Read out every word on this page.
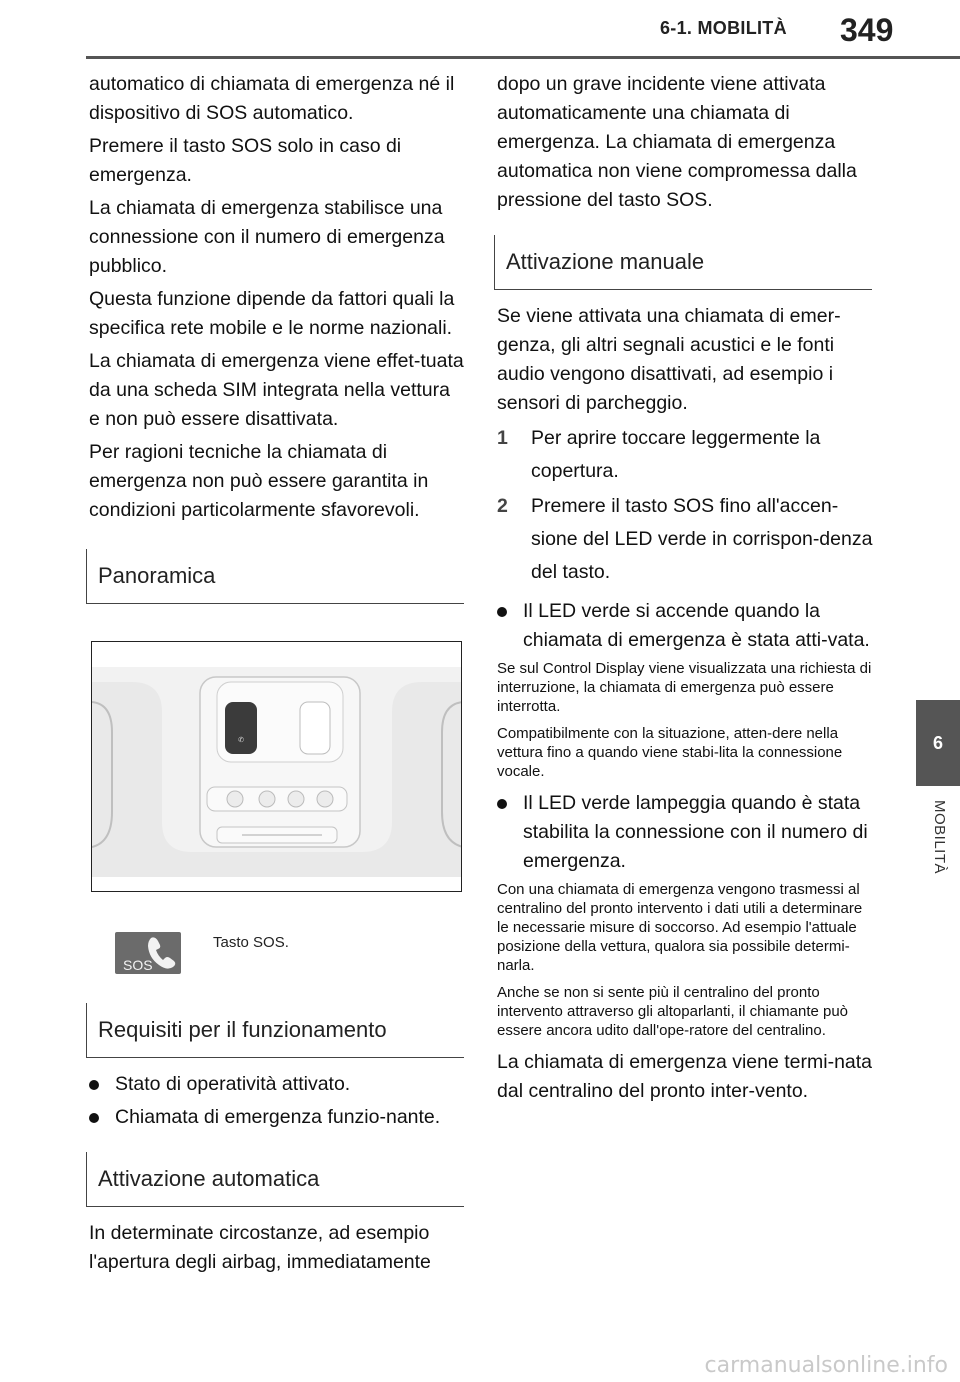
6-1. MOBILITÀ 349
6
MOBILITÀ

automatico di chiamata di emergenza né il dispositivo di SOS automatico.

Premere il tasto SOS solo in caso di emergenza.

La chiamata di emergenza stabilisce una connessione con il numero di emergenza pubblico.

Questa funzione dipende da fattori quali la specifica rete mobile e le norme nazionali.

La chiamata di emergenza viene effet-tuata da una scheda SIM integrata nella vettura e non può essere disattivata.

Per ragioni tecniche la chiamata di emergenza non può essere garantita in condizioni particolarmente sfavorevoli.

Panoramica
✆
SOS
Tasto SOS.
Requisiti per il funzionamento
Stato di operatività attivato.
Chiamata di emergenza funzio-nante.
Attivazione automatica

In determinate circostanze, ad esempio l'apertura degli airbag, immediatamente

dopo un grave incidente viene attivata automaticamente una chiamata di emergenza. La chiamata di emergenza automatica non viene compromessa dalla pressione del tasto SOS.

Attivazione manuale

Se viene attivata una chiamata di emer-genza, gli altri segnali acustici e le fonti audio vengono disattivati, ad esempio i sensori di parcheggio.

1	Per aprire toccare leggermente la copertura.
2	Premere il tasto SOS fino all'accen-sione del LED verde in corrispon-denza del tasto.
Il LED verde si accende quando la chiamata di emergenza è stata atti-vata.

Se sul Control Display viene visualizzata una richiesta di interruzione, la chiamata di emergenza può essere interrotta.

Compatibilmente con la situazione, atten-dere nella vettura fino a quando viene stabi-lita la connessione vocale.

Il LED verde lampeggia quando è stata stabilita la connessione con il numero di emergenza.

Con una chiamata di emergenza vengono trasmessi al centralino del pronto intervento i dati utili a determinare le necessarie misure di soccorso. Ad esempio l'attuale posizione della vettura, qualora sia possibile determi-narla.

Anche se non si sente più il centralino del pronto intervento attraverso gli altoparlanti, il chiamante può essere ancora udito dall'ope-ratore del centralino.

La chiamata di emergenza viene termi-nata dal centralino del pronto inter-vento.

carmanualsonline.info
